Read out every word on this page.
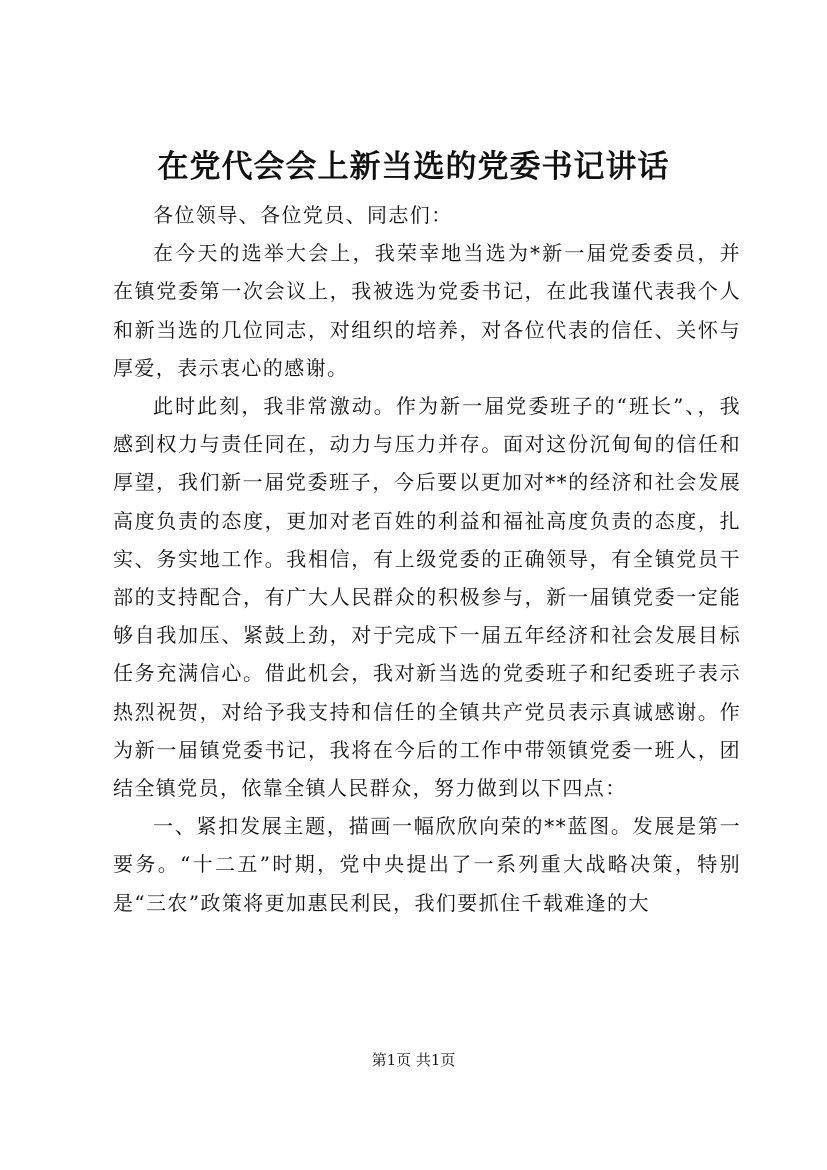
在党代会会上新当选的党委书记讲话

各位领导、各位党员、同志们：

在今天的选举大会上，我荣幸地当选为*新一届党委委员，并在镇党委第一次会议上，我被选为党委书记，在此我谨代表我个人和新当选的几位同志，对组织的培养，对各位代表的信任、关怀与厚爱，表示衷心的感谢。

此时此刻，我非常激动。作为新一届党委班子的“班长”、，我感到权力与责任同在，动力与压力并存。面对这份沉甸甸的信任和厚望，我们新一届党委班子，今后要以更加对**的经济和社会发展高度负责的态度，更加对老百姓的利益和福祉高度负责的态度，扎实、务实地工作。我相信，有上级党委的正确领导，有全镇党员干部的支持配合，有广大人民群众的积极参与，新一届镇党委一定能够自我加压、紧鼓上劲，对于完成下一届五年经济和社会发展目标任务充满信心。借此机会，我对新当选的党委班子和纪委班子表示热烈祝贺，对给予我支持和信任的全镇共产党员表示真诚感谢。作为新一届镇党委书记，我将在今后的工作中带领镇党委一班人，团结全镇党员，依靠全镇人民群众，努力做到以下四点：

一、紧扣发展主题，描画一幅欣欣向荣的**蓝图。发展是第一要务。“十二五”时期，党中央提出了一系列重大战略决策，特别是“三农”政策将更加惠民利民，我们要抓住千载难逢的大

第1页 共1页
